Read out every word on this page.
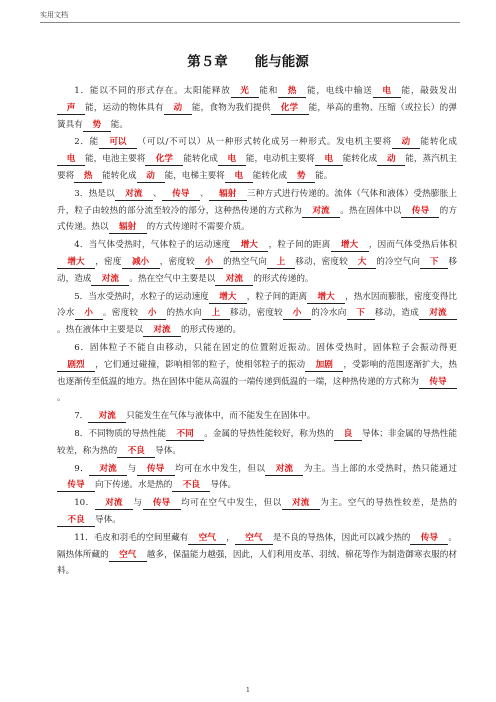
实用文档
第５章　　能与能源

1．能以不同的形式存在。太阳能释放 光 能和 热 能，电线中输送 电 能，敲鼓发出声 能，运动的物体具有 动 能，食物为我们提供 化学 能，举高的重物、压缩（或拉长）的弹簧具有 势 能。

2．能 可以 （可以/不可以）从一种形式转化成另一种形式。发电机主要将 动 能转化成电 能，电池主要将 化学 能转化成 电 能，电动机主要将 电 能转化成 动 能，蒸汽机主要将 热 能转化成 动 能，电梯主要将 电 能转化成 势 能。

3．热是以 对流 、 传导 、 辐射 三种方式进行传递的。流体（气体和液体）受热膨胀上升，粒子由较热的部分流至较冷的部分，这种热传递的方式称为 对流 。热在固体中以 传导 的方式传递。热以 辐射 的方式传递时不需要介质。

4．当气体受热时，气体粒子的运动速度 增大 ，粒子间的距离 增大 ，因而气体受热后体积增大 ，密度 减小 ，密度较 小 的热空气向 上 移动，密度较 大 的冷空气向 下 移动，造成 对流 。热在空气中主要是以 对流 的形式传递的。

5．当水受热时，水粒子的运动速度 增大 ，粒子间的距离 增大 ，热水因而膨胀，密度变得比冷水 小 。密度较 小 的热水向 上 移动，密度较 小 的冷水向 下 移动，造成 对流。热在液体中主要是以 对流 的形式传递的。

6．固体粒子不能自由移动，只能在固定的位置附近振动。固体受热时，固体粒子会振动得更剧烈 ，它们通过碰撞，影响相邻的粒子，使相邻粒子的振动 加剧 ，受影响的范围逐渐扩大，热也逐渐传至低温的地方。热在固体中能从高温的一端传递到低温的一端，这种热传递的方式称为 传导。

7． 对流 只能发生在气体与液体中，而不能发生在固体中。

8．不同物质的导热性能 不同 。金属的导热性能较好，称为热的 良 导体；非金属的导热性能较差，称为热的 不良 导体。

9． 对流 与 传导 均可在水中发生，但以 对流 为主。当上部的水受热时，热只能通过传导 向下传递。水是热的 不良 导体。

10． 对流 与 传导 均可在空气中发生，但以 对流 为主。空气的导热性较差，是热的不良 导体。

11．毛皮和羽毛的空间里藏有 空气 ， 空气 是不良的导热体，因此可以减少热的 传导 。隔热体所藏的 空气 越多，保温能力越强，因此，人们利用皮革、羽绒、棉花等作为制造御寒衣服的材料。

1
